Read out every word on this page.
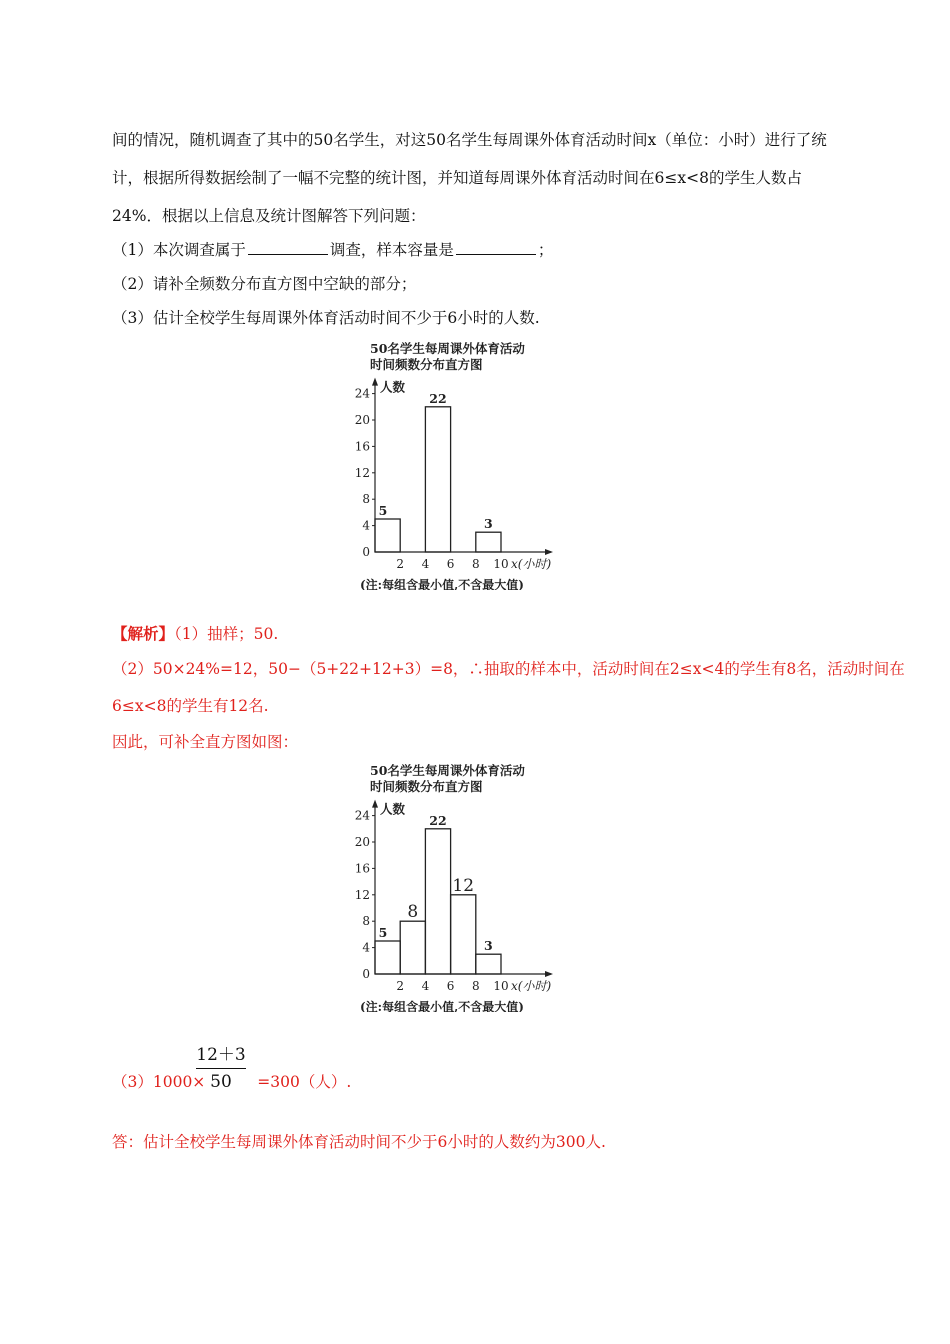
间的情况，随机调查了其中的50名学生，对这50名学生每周课外体育活动时间x（单位：小时）进行了统
计，根据所得数据绘制了一幅不完整的统计图，并知道每周课外体育活动时间在6≤x<8的学生人数占
24%．根据以上信息及统计图解答下列问题：
（1）本次调查属于	调查，样本容量是	；
（2）请补全频数分布直方图中空缺的部分；
（3）估计全校学生每周课外体育活动时间不少于6小时的人数.
50名学生每周课外体育活动
时间频数分布直方图
人数
0
4
8
12
16
20
24
2 4 6 8 10 x(小时)
(注:每组含最小值,不含最大值)
5
22
3
【解析】（1）抽样；50.
（2）50×24%=12，50−（5+22+12+3）=8，∴抽取的样本中，活动时间在2≤x<4的学生有8名，活动时间在
6≤x<8的学生有12名.
因此，可补全直方图如图：
50名学生每周课外体育活动
时间频数分布直方图
人数
0
4
8
12
16
20
24
2 4 6 8 10 x(小时)
(注:每组含最小值,不含最大值)
5
8
22
12
3
12＋3
50
（3）1000×	=300（人）.
答：估计全校学生每周课外体育活动时间不少于6小时的人数约为300人.
